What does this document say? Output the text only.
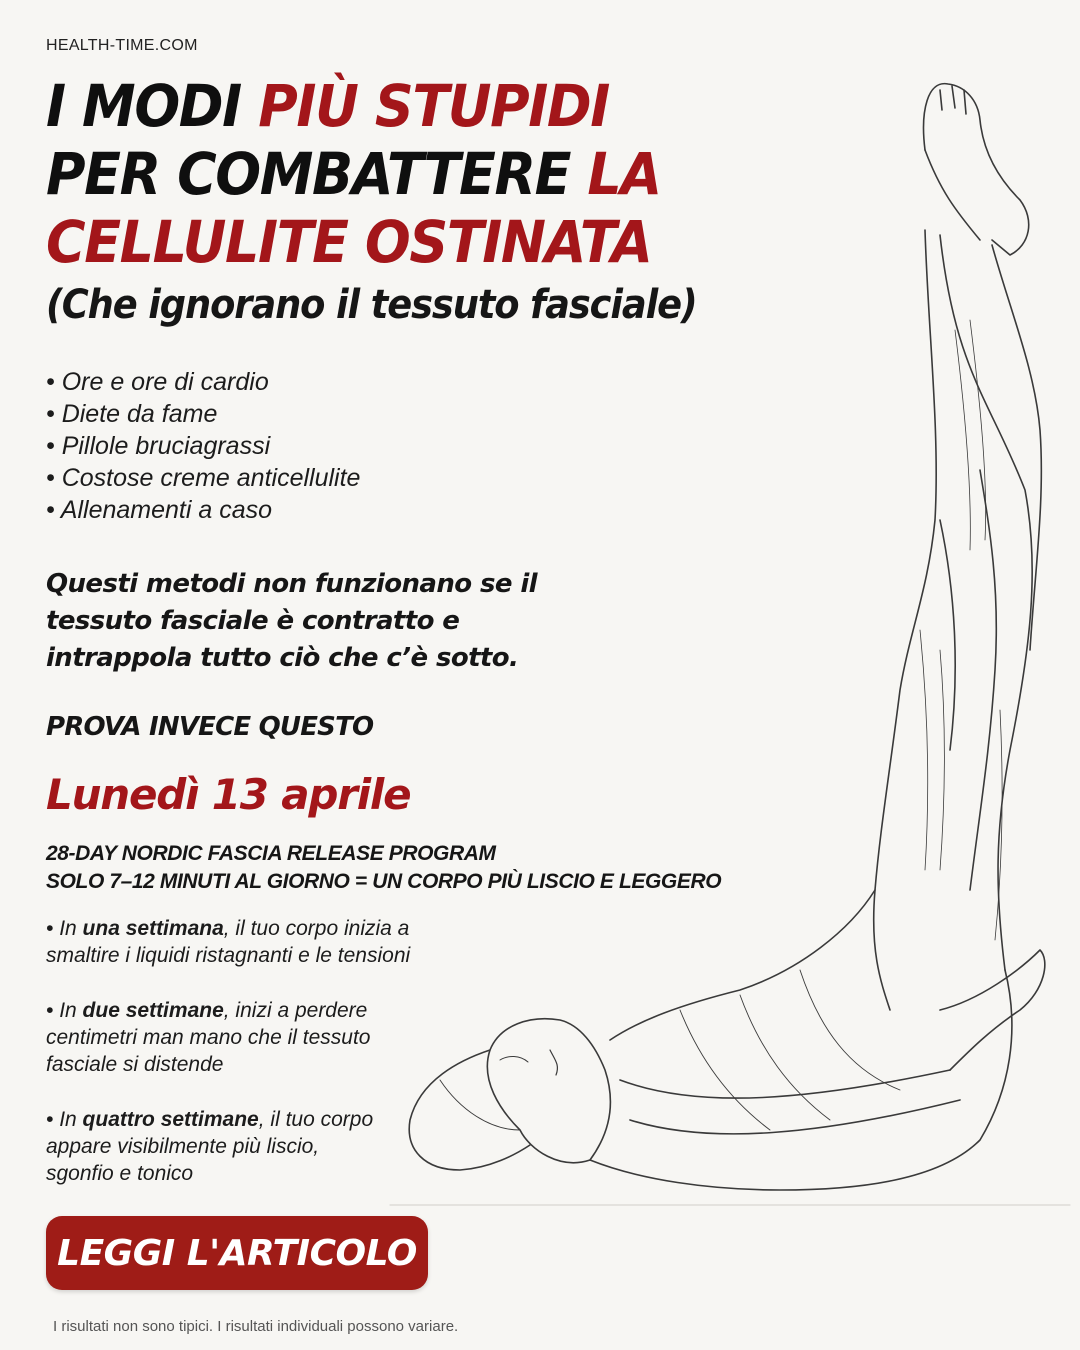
HEALTH-TIME.COM
I MODI PIÙ STUPIDI
PER COMBATTERE LA
CELLULITE OSTINATA
(Che ignorano il tessuto fasciale)
• Ore e ore di cardio
• Diete da fame
• Pillole bruciagrassi
• Costose creme anticellulite
• Allenamenti a caso
Questi metodi non funzionano se il
tessuto fasciale è contratto e
intrappola tutto ciò che c’è sotto.
PROVA INVECE QUESTO
Lunedì 13 aprile
28-DAY NORDIC FASCIA RELEASE PROGRAM
SOLO 7–12 MINUTI AL GIORNO = UN CORPO PIÙ LISCIO E LEGGERO

• In una settimana, il tuo corpo inizia a
smaltire i liquidi ristagnanti e le tensioni

• In due settimane, inizi a perdere
centimetri man mano che il tessuto
fasciale si distende

• In quattro settimane, il tuo corpo
appare visibilmente più liscio,
sgonfio e tonico

LEGGI L'ARTICOLO
I risultati non sono tipici. I risultati individuali possono variare.
